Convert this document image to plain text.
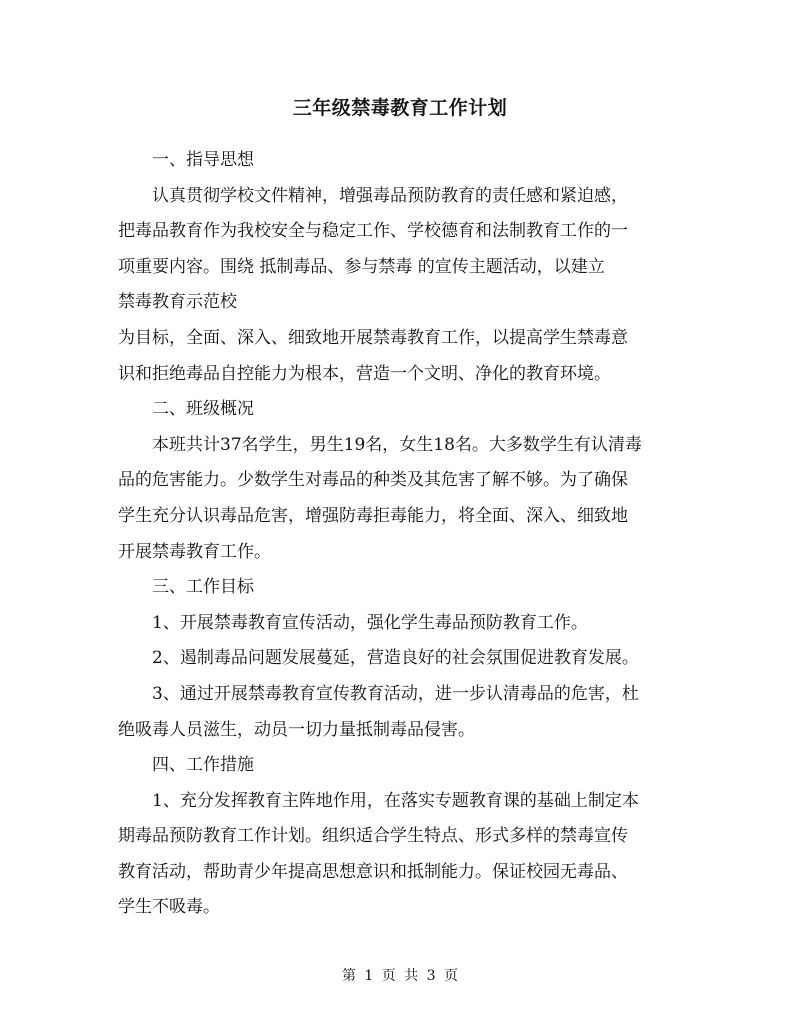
三年级禁毒教育工作计划
一、指导思想
认真贯彻学校文件精神，增强毒品预防教育的责任感和紧迫感，
把毒品教育作为我校安全与稳定工作、学校德育和法制教育工作的一
项重要内容。围绕 抵制毒品、参与禁毒 的宣传主题活动，以建立
禁毒教育示范校
为目标，全面、深入、细致地开展禁毒教育工作，以提高学生禁毒意
识和拒绝毒品自控能力为根本，营造一个文明、净化的教育环境。
二、班级概况
本班共计37名学生，男生19名，女生18名。大多数学生有认清毒
品的危害能力。少数学生对毒品的种类及其危害了解不够。为了确保
学生充分认识毒品危害，增强防毒拒毒能力，将全面、深入、细致地
开展禁毒教育工作。
三、工作目标
1、开展禁毒教育宣传活动，强化学生毒品预防教育工作。
2、遏制毒品问题发展蔓延，营造良好的社会氛围促进教育发展。
3、通过开展禁毒教育宣传教育活动，进一步认清毒品的危害，杜
绝吸毒人员滋生，动员一切力量抵制毒品侵害。
四、工作措施
1、充分发挥教育主阵地作用，在落实专题教育课的基础上制定本
期毒品预防教育工作计划。组织适合学生特点、形式多样的禁毒宣传
教育活动，帮助青少年提高思想意识和抵制能力。保证校园无毒品、
学生不吸毒。
第 1 页 共 3 页
